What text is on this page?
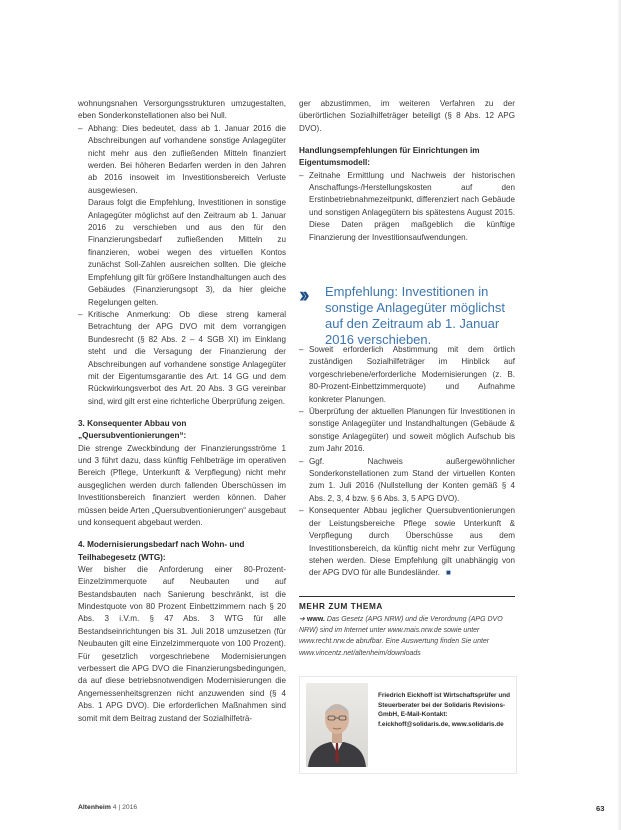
wohnungsnahen Versorgungsstrukturen umzugestalten, eben Sonderkonstellationen also bei Null.

– Abhang: Dies bedeutet, dass ab 1. Januar 2016 die Abschreibungen auf vorhandene sonstige Anlagegüter nicht mehr aus den zufließenden Mitteln finanziert werden. Bei höheren Bedarfen werden in den Jahren ab 2016 insoweit im Investitionsbereich Verluste ausgewiesen.

Daraus folgt die Empfehlung, Investitionen in sonstige Anlagegüter möglichst auf den Zeitraum ab 1. Januar 2016 zu verschieben und aus den für den Finanzierungsbedarf zufließenden Mitteln zu finanzieren, wobei wegen des virtuellen Kontos zunächst Soll-Zahlen ausreichen sollten. Die gleiche Empfehlung gilt für größere Instandhaltungen auch des Gebäudes (Finanzierungsopt 3), da hier gleiche Regelungen gelten.

– Kritische Anmerkung: Ob diese streng kameral Betrachtung der APG DVO mit dem vorrangigen Bundesrecht (§ 82 Abs. 2 – 4 SGB XI) im Einklang steht und die Versagung der Finanzierung der Abschreibungen auf vorhandene sonstige Anlagegüter mit der Eigentumsgarantie des Art. 14 GG und dem Rückwirkungsverbot des Art. 20 Abs. 3 GG vereinbar sind, wird gilt erst eine richterliche Überprüfung zeigen.
3. Konsequenter Abbau von „Quersubventionierungen“:

Die strenge Zweckbindung der Finanzierungsströme 1 und 3 führt dazu, dass künftig Fehlbeträge im operativen Bereich (Pflege, Unterkunft & Verpflegung) nicht mehr ausgeglichen werden durch fallenden Überschüssen im Investitionsbereich finanziert werden können. Daher müssen beide Arten „Quersubventionierungen“ ausgebaut und konsequent abgebaut werden.

4. Modernisierungsbedarf nach Wohn- und Teilhabegesetz (WTG):

Wer bisher die Anforderung einer 80-Prozent-Einzelzimmerquote auf Neubauten und auf Bestandsbauten nach Sanierung beschränkt, ist die Mindestquote von 80 Prozent Einbettzimmern nach § 20 Abs. 3 i.V.m. § 47 Abs. 3 WTG für alle Bestandseinrichtungen bis 31. Juli 2018 umzusetzen (für Neubauten gilt eine Einzelzimmerquote von 100 Prozent). Für gesetzlich vorgeschriebene Modernisierungen verbessert die APG DVO die Finanzierungsbedingungen, da auf diese betriebsnotwendigen Modernisierungen die Angemessenheitsgrenzen nicht anzuwenden sind (§ 4 Abs. 1 APG DVO). Die erforderlichen Maßnahmen sind somit mit dem Beitrag zustand der Sozialhilfeträ-

ger abzustimmen, im weiteren Verfahren zu der überörtlichen Sozialhilfeträger beteiligt (§ 8 Abs. 12 APG DVO).

Handlungsempfehlungen für Einrichtungen im Eigentumsmodell:
– Zeitnahe Ermittlung und Nachweis der historischen Anschaffungs-/Herstellungskosten auf den Erstinbetriebnahmezeitpunkt, differenziert nach Gebäude und sonstigen Anlagegütern bis spätestens August 2015. Diese Daten prägen maßgeblich die künftige Finanzierung der Investitionsaufwendungen.
›› Empfehlung: Investitionen in sonstige Anlagegüter möglichst auf den Zeitraum ab 1. Januar 2016 verschieben.
– Soweit erforderlich Abstimmung mit dem örtlich zuständigen Sozialhilfeträger im Hinblick auf vorgeschriebene/erforderliche Modernisierungen (z. B. 80-Prozent-Einbettzimmerquote) und Aufnahme konkreter Planungen.
– Überprüfung der aktuellen Planungen für Investitionen in sonstige Anlagegüter und Instandhaltungen (Gebäude & sonstige Anlagegüter) und soweit möglich Aufschub bis zum Jahr 2016.
– Ggf. Nachweis außergewöhnlicher Sonderkonstellationen zum Stand der virtuellen Konten zum 1. Juli 2016 (Nullstellung der Konten gemäß § 4 Abs. 2, 3, 4 bzw. § 6 Abs. 3, 5 APG DVO).
– Konsequenter Abbau jeglicher Quersubventionierungen der Leistungsbereiche Pflege sowie Unterkunft & Verpflegung durch Überschüsse aus dem Investitionsbereich, da künftig nicht mehr zur Verfügung stehen werden. Diese Empfehlung gilt unabhängig von der APG DVO für alle Bundesländer. ■
MEHR ZUM THEMA
➔ www. Das Gesetz (APG NRW) und die Verordnung (APG DVO NRW) sind im Internet unter www.mais.nrw.de sowie unter www.recht.nrw.de abrufbar. Eine Auswertung finden Sie unter www.vincentz.net/altenheim/downloads
Friedrich Eickhoff ist Wirtschaftsprüfer und Steuerberater bei der Solidaris Revisions-GmbH, E-Mail-Kontakt: f.eickhoff@solidaris.de, www.solidaris.de
Altenheim 4 | 2016	63
